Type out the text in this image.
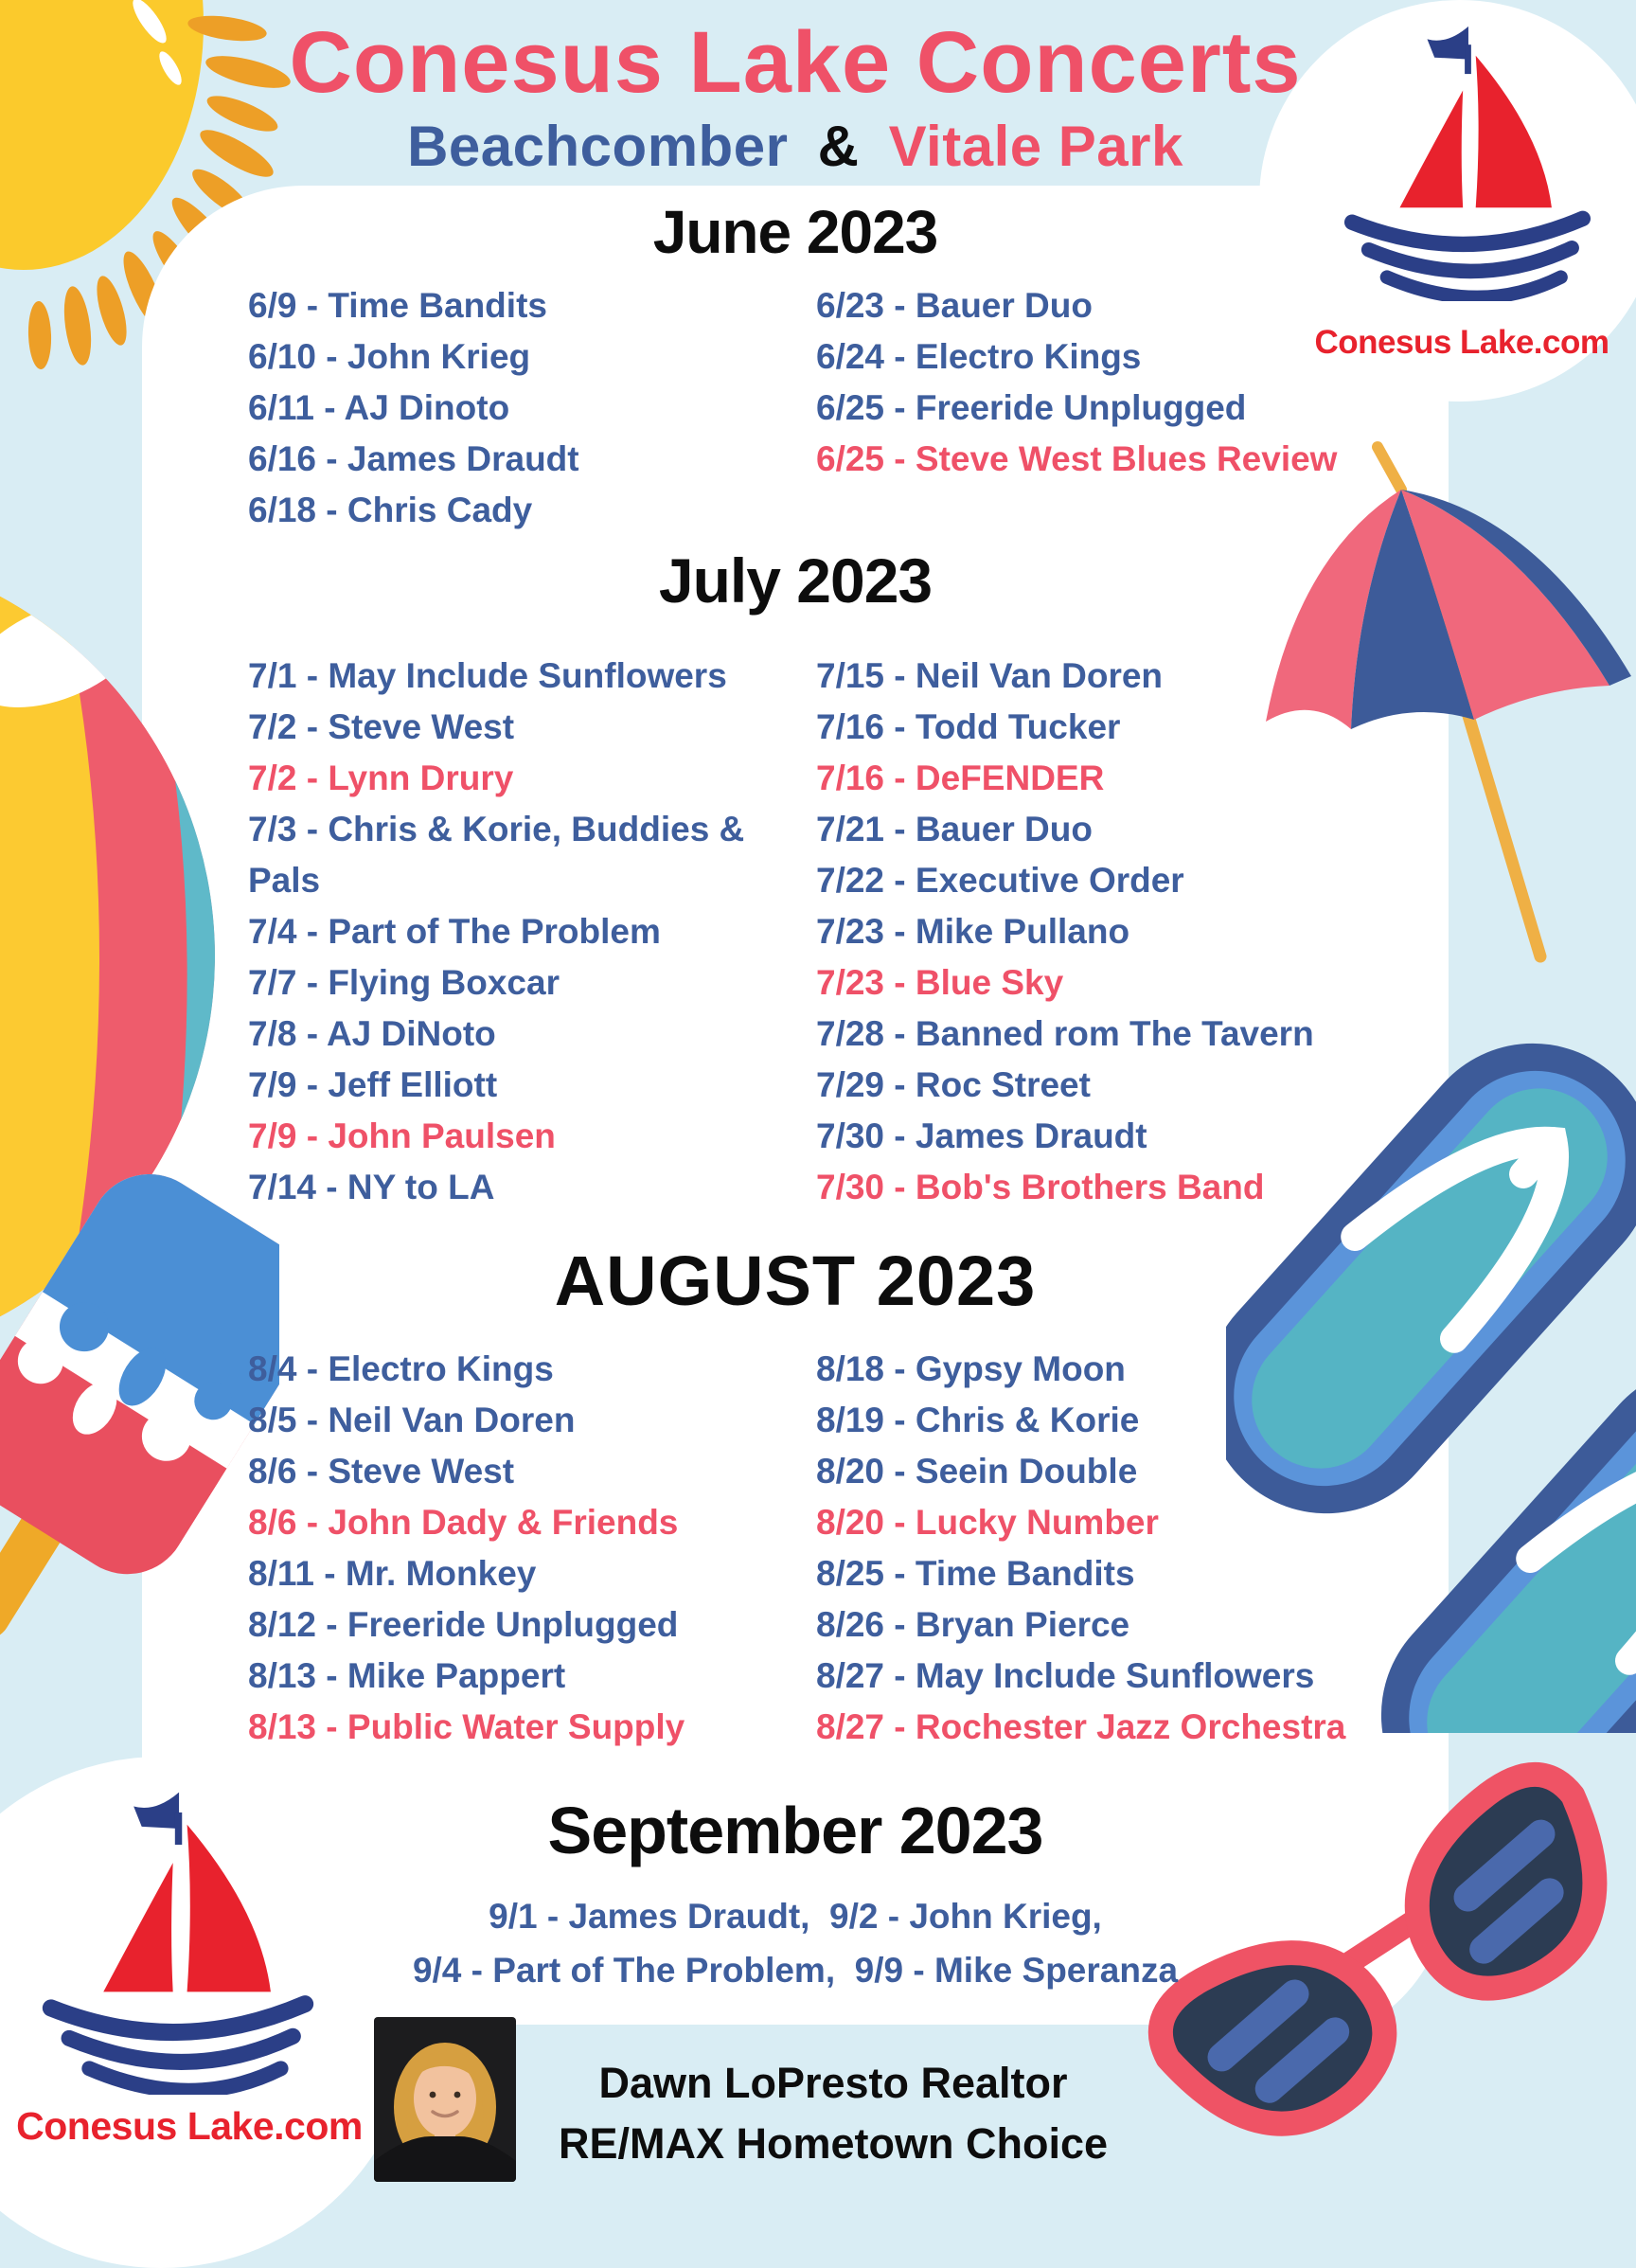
Conesus Lake.com
Conesus Lake.com
Conesus Lake Concerts
Beachcomber & Vitale Park
June 2023
6/9 - Time Bandits
6/10 - John Krieg
6/11 - AJ Dinoto
6/16 - James Draudt
6/18 - Chris Cady
6/23 - Bauer Duo
6/24 - Electro Kings
6/25 - Freeride Unplugged
6/25 - Steve West Blues Review
July 2023
7/1 - May Include Sunflowers
7/2 - Steve West
7/2 - Lynn Drury
7/3 - Chris & Korie, Buddies & Pals
7/4 - Part of The Problem
7/7 - Flying Boxcar
7/8 - AJ DiNoto
7/9 - Jeff Elliott
7/9 - John Paulsen
7/14 - NY to LA
7/15 - Neil Van Doren
7/16 - Todd Tucker
7/16 - DeFENDER
7/21 - Bauer Duo
7/22 - Executive Order
7/23 - Mike Pullano
7/23 - Blue Sky
7/28 - Banned rom The Tavern
7/29 - Roc Street
7/30 - James Draudt
7/30 - Bob's Brothers Band
AUGUST 2023
8/4 - Electro Kings
8/5 - Neil Van Doren
8/6 - Steve West
8/6 - John Dady & Friends
8/11 - Mr. Monkey
8/12 - Freeride Unplugged
8/13 - Mike Pappert
8/13 - Public Water Supply
8/18 - Gypsy Moon
8/19 - Chris & Korie
8/20 - Seein Double
8/20 - Lucky Number
8/25 - Time Bandits
8/26 - Bryan Pierce
8/27 - May Include Sunflowers
8/27 - Rochester Jazz Orchestra
September 2023
9/1 - James Draudt,  9/2 - John Krieg,
9/4 - Part of The Problem,  9/9 - Mike Speranza
Dawn LoPresto Realtor
RE/MAX Hometown Choice
